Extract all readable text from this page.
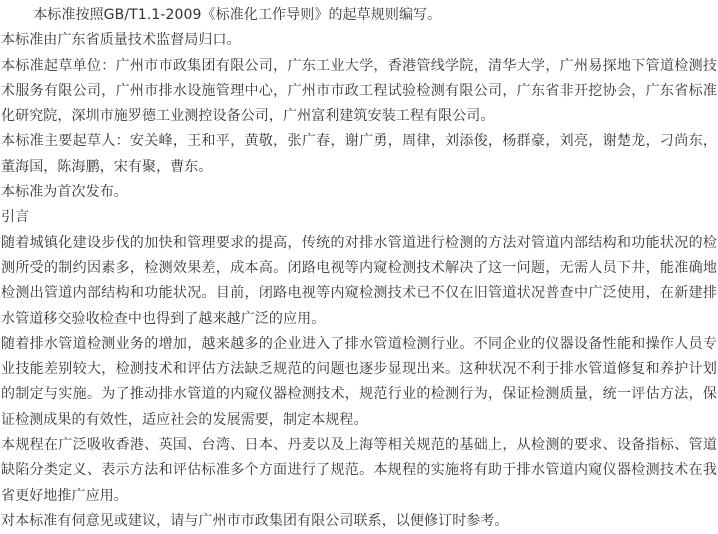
本标准按照GB/T1.1-2009《标准化工作导则》的起草规则编写。

本标准由广东省质量技术监督局归口。

本标准起草单位：广州市市政集团有限公司，广东工业大学，香港管线学院，清华大学，广州易探地下管道检测技术服务有限公司，广州市排水设施管理中心，广州市市政工程试验检测有限公司，广东省非开挖协会，广东省标准化研究院，深圳市施罗德工业测控设备公司，广州富利建筑安装工程有限公司。

本标准主要起草人：安关峰，王和平，黄敬，张广春，谢广勇，周律，刘添俊，杨群豪，刘亮，谢楚龙，刁尚东，董海国，陈海鹏，宋有聚，曹东。

本标准为首次发布。

引言

随着城镇化建设步伐的加快和管理要求的提高，传统的对排水管道进行检测的方法对管道内部结构和功能状况的检测所受的制约因素多，检测效果差，成本高。闭路电视等内窥检测技术解决了这一问题，无需人员下井，能准确地检测出管道内部结构和功能状况。目前，闭路电视等内窥检测技术已不仅在旧管道状况普查中广泛使用，在新建排水管道移交验收检查中也得到了越来越广泛的应用。

随着排水管道检测业务的增加，越来越多的企业进入了排水管道检测行业。不同企业的仪器设备性能和操作人员专业技能差别较大，检测技术和评估方法缺乏规范的问题也逐步显现出来。这种状况不利于排水管道修复和养护计划的制定与实施。为了推动排水管道的内窥仪器检测技术，规范行业的检测行为，保证检测质量，统一评估方法，保证检测成果的有效性，适应社会的发展需要，制定本规程。

本规程在广泛吸收香港、英国、台湾、日本、丹麦以及上海等相关规范的基础上，从检测的要求、设备指标、管道缺陷分类定义、表示方法和评估标准多个方面进行了规范。本规程的实施将有助于排水管道内窥仪器检测技术在我省更好地推广应用。

对本标准有伺意见或建议，请与广州市市政集团有限公司联系，以便修订时参考。
